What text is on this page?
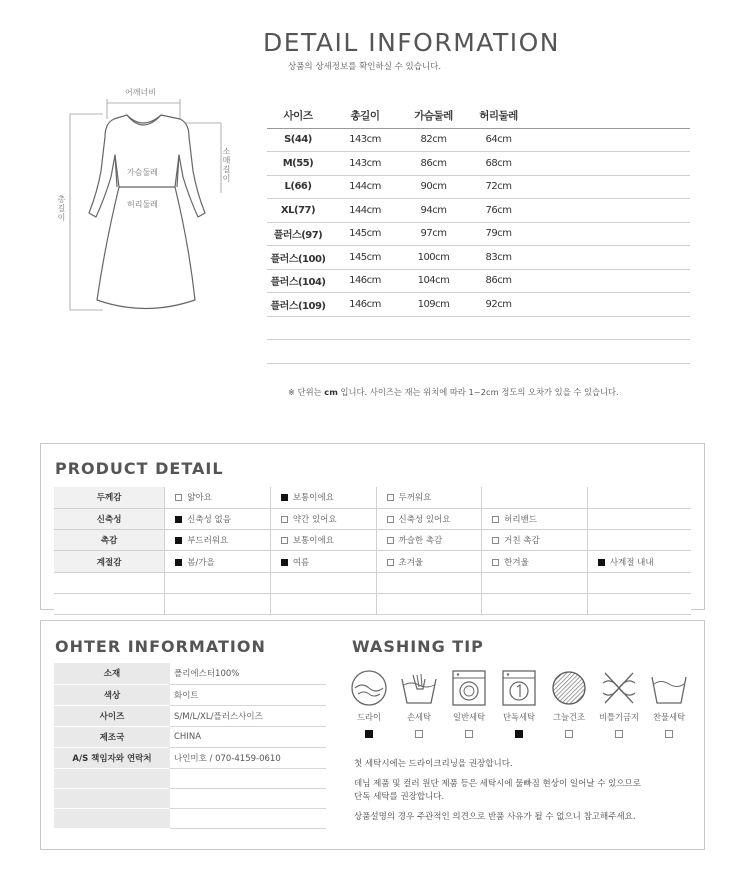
DETAIL INFORMATION

상품의 상세정보를 확인하실 수 있습니다.

어깨너비
소매길이
가슴둘레
허리둘레
총길이
사이즈	총길이	가슴둘레	허리둘레	
S(44)	143cm	82cm	64cm	
M(55)	143cm	86cm	68cm	
L(66)	144cm	90cm	72cm	
XL(77)	144cm	94cm	76cm	
플러스(97)	145cm	97cm	79cm	
플러스(100)	145cm	100cm	83cm	
플러스(104)	146cm	104cm	86cm	
플러스(109)	146cm	109cm	92cm	

※ 단위는 cm 입니다. 사이즈는 재는 위치에 따라 1~2cm 정도의 오차가 있을 수 있습니다.

PRODUCT DETAIL
두께감	얇아요	보통이에요	두꺼워요		
신축성	신축성 없음	약간 있어요	신축성 있어요	허리밴드	
촉감	부드러워요	보통이에요	까슬한 촉감	거친 촉감	
계절감	봄/가을	여름	초겨울	한겨울	사계절 내내

OHTER INFORMATION
소재	폴리에스터100%
색상	화이트
사이즈	S/M/L/XL/플러스사이즈
제조국	CHINA
A/S 책임자와 연락처	나인미호 / 070-4159-0610

WASHING TIP
드라이	손세탁	일반세탁	단독세탁	그늘건조	비틀기금지	찬물세탁

첫 세탁시에는 드라이크리닝을 권장합니다.

데님 제품 및 컬러 원단 제품 등은 세탁시에 물빠짐 현상이 일어날 수 있으므로

단독 세탁를 권장합니다.

상품설명의 경우 주관적인 의견으로 반품 사유가 될 수 없으니 참고해주세요.
